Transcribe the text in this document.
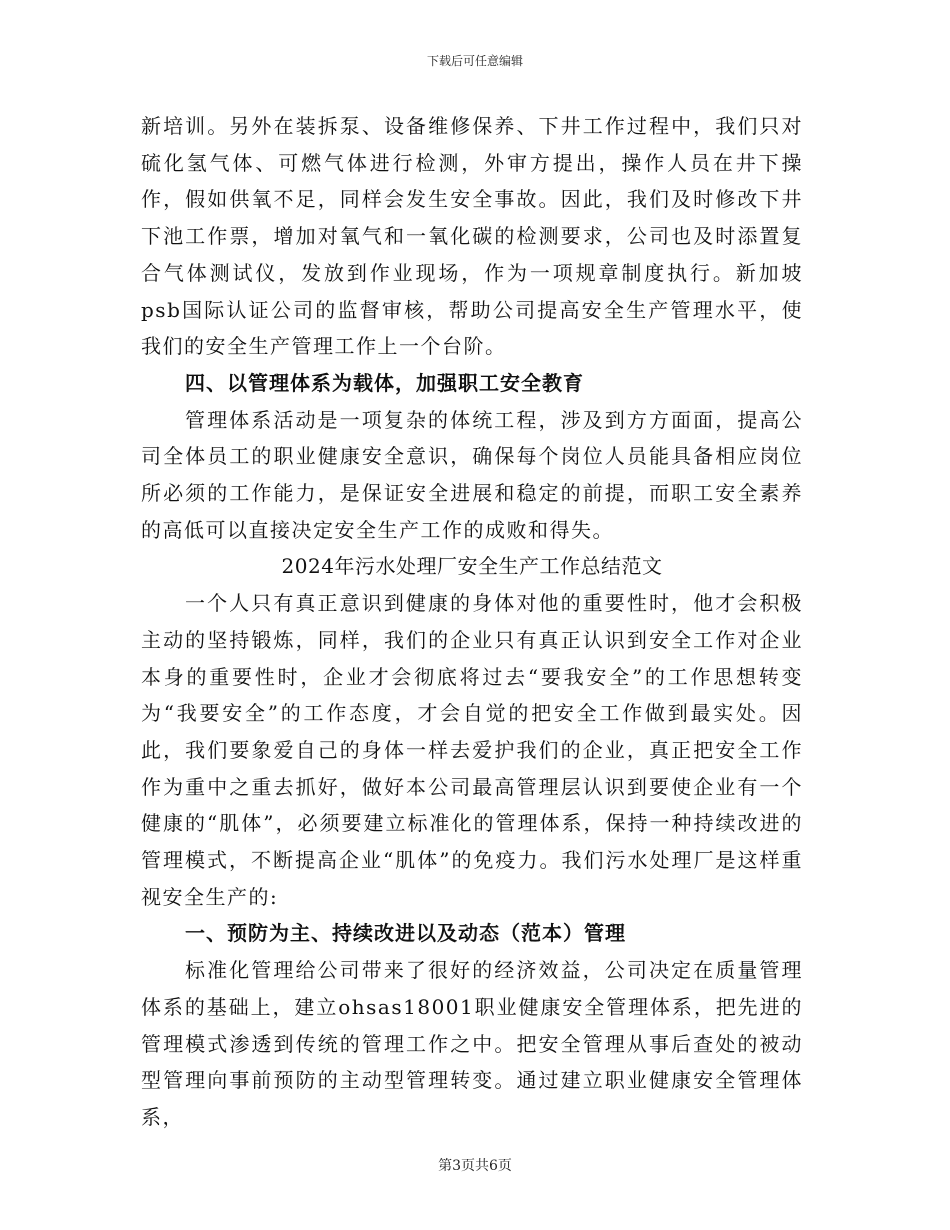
下载后可任意编辑

新培训。另外在装拆泵、设备维修保养、下井工作过程中，我们只对硫化氢气体、可燃气体进行检测，外审方提出，操作人员在井下操作，假如供氧不足，同样会发生安全事故。因此，我们及时修改下井下池工作票，增加对氧气和一氧化碳的检测要求，公司也及时添置复合气体测试仪，发放到作业现场，作为一项规章制度执行。新加坡psb国际认证公司的监督审核，帮助公司提高安全生产管理水平，使我们的安全生产管理工作上一个台阶。

四、以管理体系为载体，加强职工安全教育

管理体系活动是一项复杂的体统工程，涉及到方方面面，提高公司全体员工的职业健康安全意识，确保每个岗位人员能具备相应岗位所必须的工作能力，是保证安全进展和稳定的前提，而职工安全素养的高低可以直接决定安全生产工作的成败和得失。

2024年污水处理厂安全生产工作总结范文

一个人只有真正意识到健康的身体对他的重要性时，他才会积极主动的坚持锻炼，同样，我们的企业只有真正认识到安全工作对企业本身的重要性时，企业才会彻底将过去“要我安全”的工作思想转变为“我要安全”的工作态度，才会自觉的把安全工作做到最实处。因此，我们要象爱自己的身体一样去爱护我们的企业，真正把安全工作作为重中之重去抓好，做好本公司最高管理层认识到要使企业有一个健康的“肌体”，必须要建立标准化的管理体系，保持一种持续改进的管理模式，不断提高企业“肌体”的免疫力。我们污水处理厂是这样重视安全生产的:

一、预防为主、持续改进以及动态（范本）管理

标准化管理给公司带来了很好的经济效益，公司决定在质量管理体系的基础上，建立ohsas18001职业健康安全管理体系，把先进的管理模式渗透到传统的管理工作之中。把安全管理从事后查处的被动型管理向事前预防的主动型管理转变。通过建立职业健康安全管理体系，

第3页共6页
